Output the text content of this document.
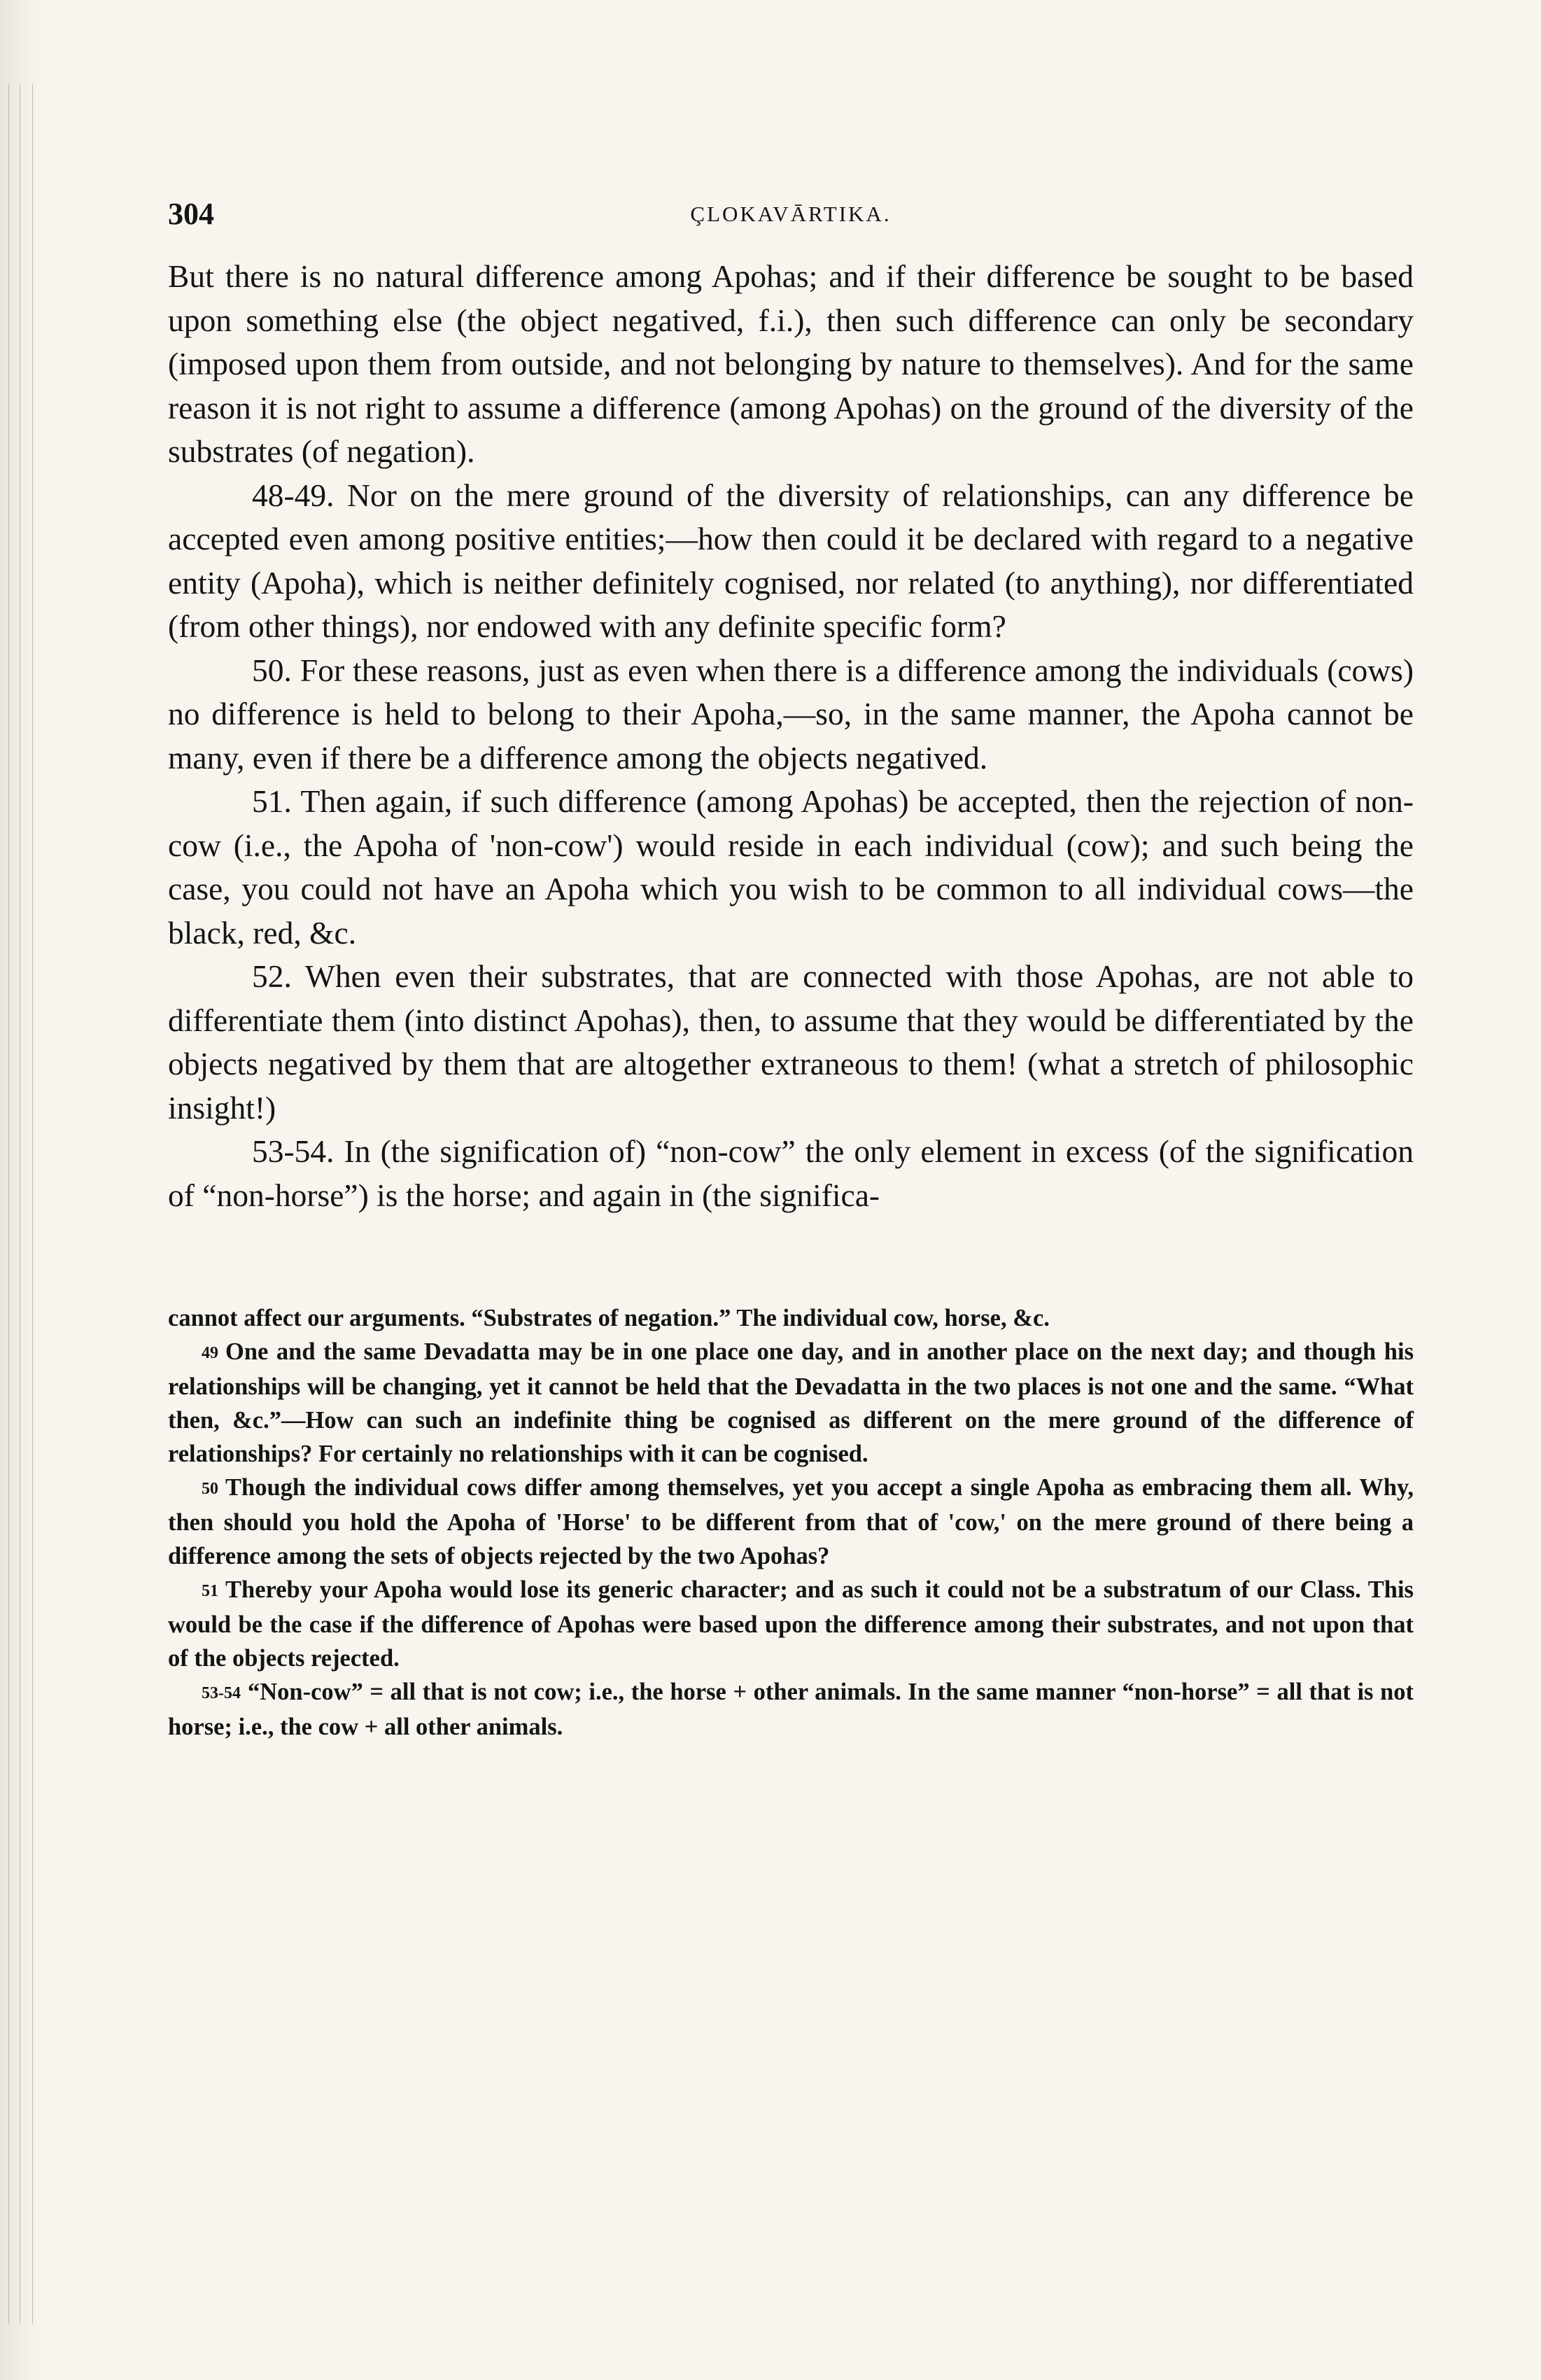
304	ÇLOKAVĀRTIKA.

But there is no natural difference among Apohas; and if their difference be sought to be based upon something else (the object negatived, f.i.), then such difference can only be secondary (imposed upon them from outside, and not belonging by nature to themselves). And for the same reason it is not right to assume a difference (among Apohas) on the ground of the diversity of the substrates (of negation).

48-49. Nor on the mere ground of the diversity of relationships, can any difference be accepted even among positive entities;—how then could it be declared with regard to a negative entity (Apoha), which is neither definitely cognised, nor related (to anything), nor differentiated (from other things), nor endowed with any definite specific form?

50. For these reasons, just as even when there is a difference among the individuals (cows) no difference is held to belong to their Apoha,—so, in the same manner, the Apoha cannot be many, even if there be a difference among the objects negatived.

51. Then again, if such difference (among Apohas) be accepted, then the rejection of non-cow (i.e., the Apoha of 'non-cow') would reside in each individual (cow); and such being the case, you could not have an Apoha which you wish to be common to all individual cows—the black, red, &c.

52. When even their substrates, that are connected with those Apohas, are not able to differentiate them (into distinct Apohas), then, to assume that they would be differentiated by the objects negatived by them that are altogether extraneous to them! (what a stretch of philosophic insight!)

53-54. In (the signification of) “non-cow” the only element in excess (of the signification of “non-horse”) is the horse; and again in (the significa-

cannot affect our arguments. “Substrates of negation.” The individual cow, horse, &c.

49 One and the same Devadatta may be in one place one day, and in another place on the next day; and though his relationships will be changing, yet it cannot be held that the Devadatta in the two places is not one and the same. “What then, &c.”—How can such an indefinite thing be cognised as different on the mere ground of the difference of relationships? For certainly no relationships with it can be cognised.

50 Though the individual cows differ among themselves, yet you accept a single Apoha as embracing them all. Why, then should you hold the Apoha of 'Horse' to be different from that of 'cow,' on the mere ground of there being a difference among the sets of objects rejected by the two Apohas?

51 Thereby your Apoha would lose its generic character; and as such it could not be a substratum of our Class. This would be the case if the difference of Apohas were based upon the difference among their substrates, and not upon that of the objects rejected.

53-54 “Non-cow” = all that is not cow; i.e., the horse + other animals. In the same manner “non-horse” = all that is not horse; i.e., the cow + all other animals.
